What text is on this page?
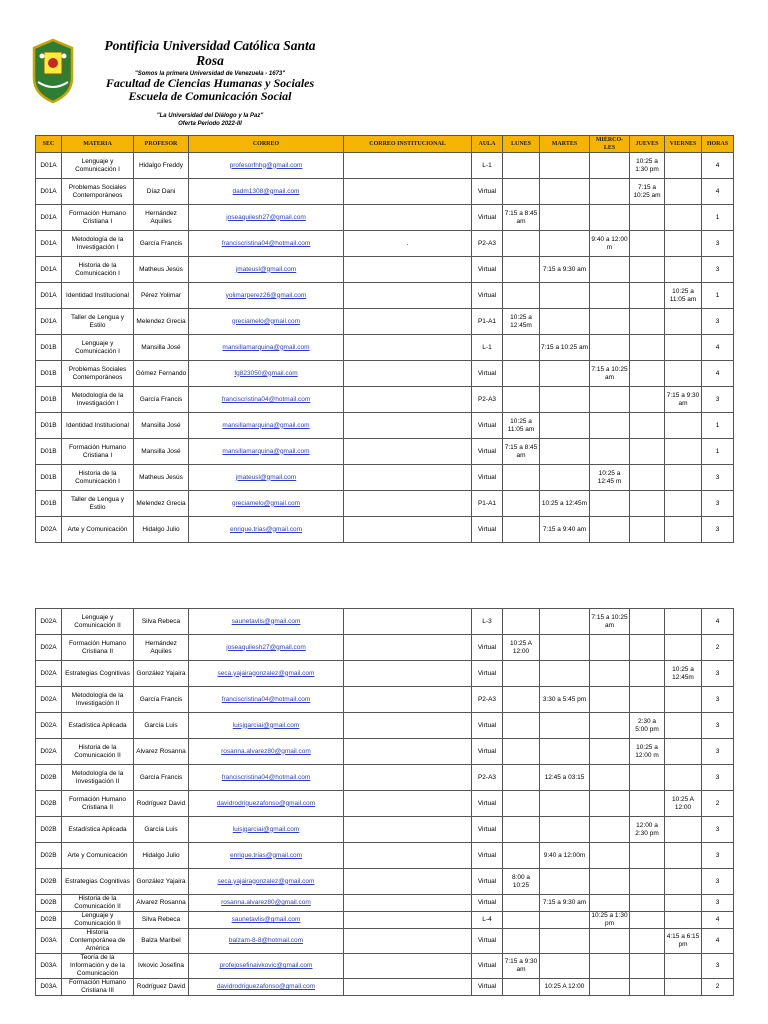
Pontificia Universidad Católica Santa
Rosa
"Somos la primera Universidad de Venezuela - 1673"
Facultad de Ciencias Humanas y Sociales
Escuela de Comunicación Social
"La Universidad del Diálogo y la Paz"
Oferta Periodo 2022-III
SEC	MATERIA	PROFESOR	CORREO	CORREO INSTITUCIONAL	AULA	LUNES	MARTES	MIÉRCO-LES	JUEVES	VIERNES	HORAS
D01A	Lenguaje y Comunicación I	Hidalgo Freddy	profesorfnhg@gmail.com		L-1				10:25 a 1:30 pm		4
D01A	Problemas Sociales Contemporáneos	Díaz Dani	dadm1308@gmail.com		Virtual				7:15 a 10:25 am		4
D01A	Formación Humano Cristiana I	Hernández Aquiles	joseaquilesh27@gmail.com		Virtual	7:15 a 8:45 am					1
D01A	Metodología de la Investigación I	García Francis	franciscristina04@hotmail.com	.	P2-A3			9:40 a 12:00 m			3
D01A	Historia de la Comunicación I	Matheus Jesús	jmateusl@gmail.com		Virtual		7:15 a 9:30 am				3
D01A	Identidad Institucional	Pérez Yolimar	yolimarperez26@gmail.com		Virtual					10:25 a 11:05 am	1
D01A	Taller de Lengua y Estilo	Melendez Grecia	greciamelo@gmail.com		P1-A1	10:25 a 12:45m					3
D01B	Lenguaje y Comunicación I	Mansilla José	mansillamarquina@gmail.com		L-1		7:15 a 10:25 am				4
D01B	Problemas Sociales Contemporáneos	Gómez Fernando	fg823050@gmail.com		Virtual			7:15 a 10:25 am			4
D01B	Metodología de la Investigación I	García Francis	franciscristina04@hotmail.com		P2-A3					7:15 a 9:30 am	3
D01B	Identidad Institucional	Mansilla José	mansillamarquina@gmail.com		Virtual	10:25 a 11:05 am					1
D01B	Formación Humano Cristiana I	Mansilla José	mansillamarquina@gmail.com		Virtual	7:15 a 8:45 am					1
D01B	Historia de la Comunicación I	Matheus Jesús	jmateusl@gmail.com		Virtual			10:25 a 12:45 m			3
D01B	Taller de Lengua y Estilo	Melendez Grecia	greciamelo@gmail.com		P1-A1		10:25 a 12:45m				3
D02A	Arte y Comunicación	Hidalgo Julio	enrique.trias@gmail.com		Virtual		7:15 a 9:40 am				3
D02A	Lenguaje y Comunicación II	Silva Rebeca	saunetavlis@gmail.com		L-3			7:15 a 10:25 am			4
D02A	Formación Humano Cristiana II	Hernández Aquiles	joseaquilesh27@gmail.com		Virtual	10:25 A 12:00					2
D02A	Estrategias Cognitivas	González Yajaira	seca.yajairagonzalez@gmail.com		Virtual					10:25 a 12:45m	3
D02A	Metodología de la Investigación II	García Francis	franciscristina04@hotmail.com		P2-A3		3:30 a 5:45 pm				3
D02A	Estadística Aplicada	García Luis	luisjgarciai@gmail.com		Virtual				2:30 a 5:00 pm		3
D02A	Historia de la Comunicación II	Alvarez Rosanna	rosanna.alvarez80@gmail.com		Virtual				10:25 a 12:00 m		3
D02B	Metodología de la Investigación II	García Francis	franciscristina04@hotmail.com		P2-A3		12:45 a 03:15				3
D02B	Formación Humano Cristiana II	Rodríguez David	davidrodriguezafonso@gmail.com		Virtual					10:25 A 12:00	2
D02B	Estadística Aplicada	García Luis	luisjgarciai@gmail.com		Virtual				12:00 a 2:30 pm		3
D02B	Arte y Comunicación	Hidalgo Julio	enrique.trias@gmail.com		Virtual		9:40 a 12:00m				3
D02B	Estrategias Cognitivas	González Yajaira	seca.yajairagonzalez@gmail.com		Virtual	8:00 a 10:25					3
D02B	Historia de la Comunicación II	Alvarez Rosanna	rosanna.alvarez80@gmail.com		Virtual		7:15 a 9:30 am				3
D02B	Lenguaje y Comunicación II	Silva Rebeca	saunetavlis@gmail.com		L-4			10:25 a 1:30 pm			4
D03A	Historia Contemporánea de América	Balza Maribel	balzam-8-8@hotmail.com		Virtual					4:15 a 6:15 pm	4
D03A	Teoría de la Información y de la Comunicación	Ivkovic Josefina	profejosefinaivkovic@gmail.com		Virtual	7:15 a 9:30 am					3
D03A	Formación Humano Cristiana III	Rodríguez David	davidrodriguezafonso@gmail.com		Virtual		10:25 A 12:00				2
